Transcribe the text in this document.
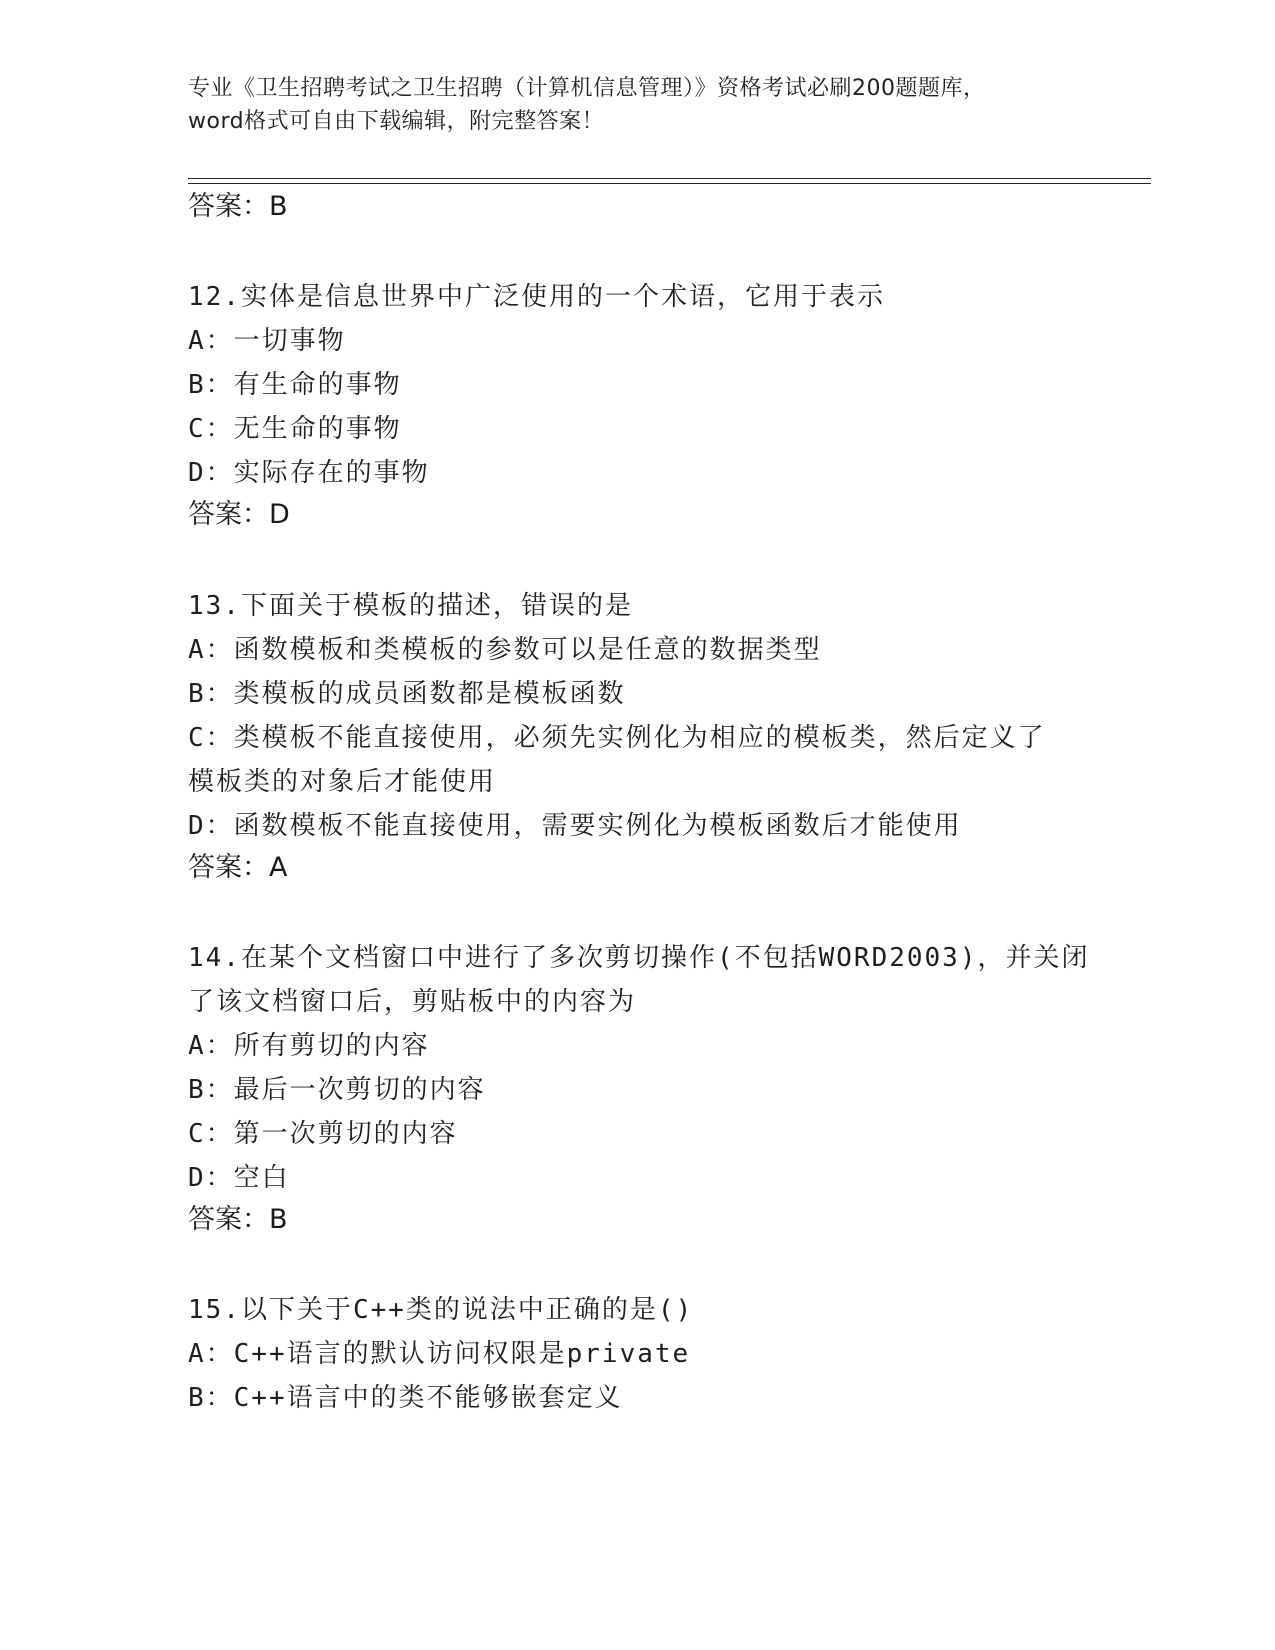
专业《卫生招聘考试之卫生招聘（计算机信息管理）》资格考试必刷200题题库，
word格式可自由下载编辑，附完整答案！
答案：B
12.实体是信息世界中广泛使用的一个术语，它用于表示
A：一切事物
B：有生命的事物
C：无生命的事物
D：实际存在的事物
答案：D
13.下面关于模板的描述，错误的是
A：函数模板和类模板的参数可以是任意的数据类型
B：类模板的成员函数都是模板函数
C：类模板不能直接使用，必须先实例化为相应的模板类，然后定义了
模板类的对象后才能使用
D：函数模板不能直接使用，需要实例化为模板函数后才能使用
答案：A
14.在某个文档窗口中进行了多次剪切操作(不包括WORD2003)，并关闭
了该文档窗口后，剪贴板中的内容为
A：所有剪切的内容
B：最后一次剪切的内容
C：第一次剪切的内容
D：空白
答案：B
15.以下关于C++类的说法中正确的是()
A：C++语言的默认访问权限是private
B：C++语言中的类不能够嵌套定义
